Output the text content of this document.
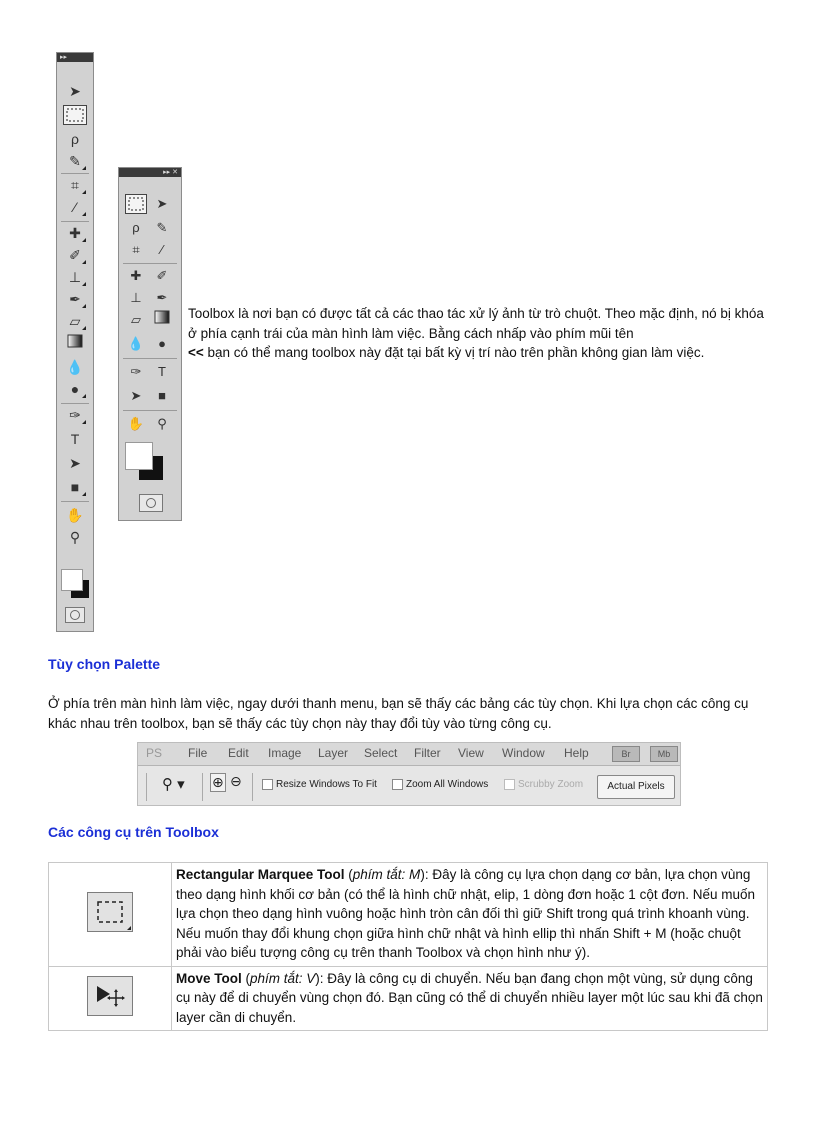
▸▸
➤
ρ
✎
⌗
⁄
✚
✐
⊥
✒
▱
💧
●
✑
T
➤
■
✋
⚲
▸▸ ✕
➤
ρ	✎
⌗	⁄
✚	✐
⊥	✒
▱
💧	●
✑	T
➤	■
✋	⚲
Toolbox là nơi bạn có được tất cả các thao tác xử lý ảnh từ trò chuột. Theo mặc định, nó bị khóa ở phía cạnh trái của màn hình làm việc. Bằng cách nhấp vào phím mũi tên
<< bạn có thể mang toolbox này đặt tại bất kỳ vị trí nào trên phần không gian làm việc.
Tùy chọn Palette
Ở phía trên màn hình làm việc, ngay dưới thanh menu, bạn sẽ thấy các bảng các tùy chọn. Khi lựa chọn các công cụ khác nhau trên toolbox, bạn sẽ thấy các tùy chọn này thay đổi tùy vào từng công cụ.
PS File Edit Image Layer Select Filter View Window Help	Br	Mb
⚲ ▾ ⊕ ⊖	Resize Windows To Fit	Zoom All Windows	Scrubby Zoom	Actual Pixels
Các công cụ trên Toolbox
	Rectangular Marquee Tool (phím tắt: M): Đây là công cụ lựa chọn dạng cơ bản, lựa chọn vùng theo dạng hình khối cơ bản (có thể là hình chữ nhật, elip, 1 dòng đơn hoặc 1 cột đơn. Nếu muốn lựa chọn theo dạng hình vuông hoặc hình tròn cân đối thì giữ Shift trong quá trình khoanh vùng. Nếu muốn thay đổi khung chọn giữa hình chữ nhật và hình ellip thì nhấn Shift + M (hoặc chuột phải vào biểu tượng công cụ trên thanh Toolbox và chọn hình như ý).
	Move Tool (phím tắt: V): Đây là công cụ di chuyển. Nếu bạn đang chọn một vùng, sử dụng công cụ này để di chuyển vùng chọn đó. Bạn cũng có thể di chuyển nhiều layer một lúc sau khi đã chọn layer cần di chuyển.
